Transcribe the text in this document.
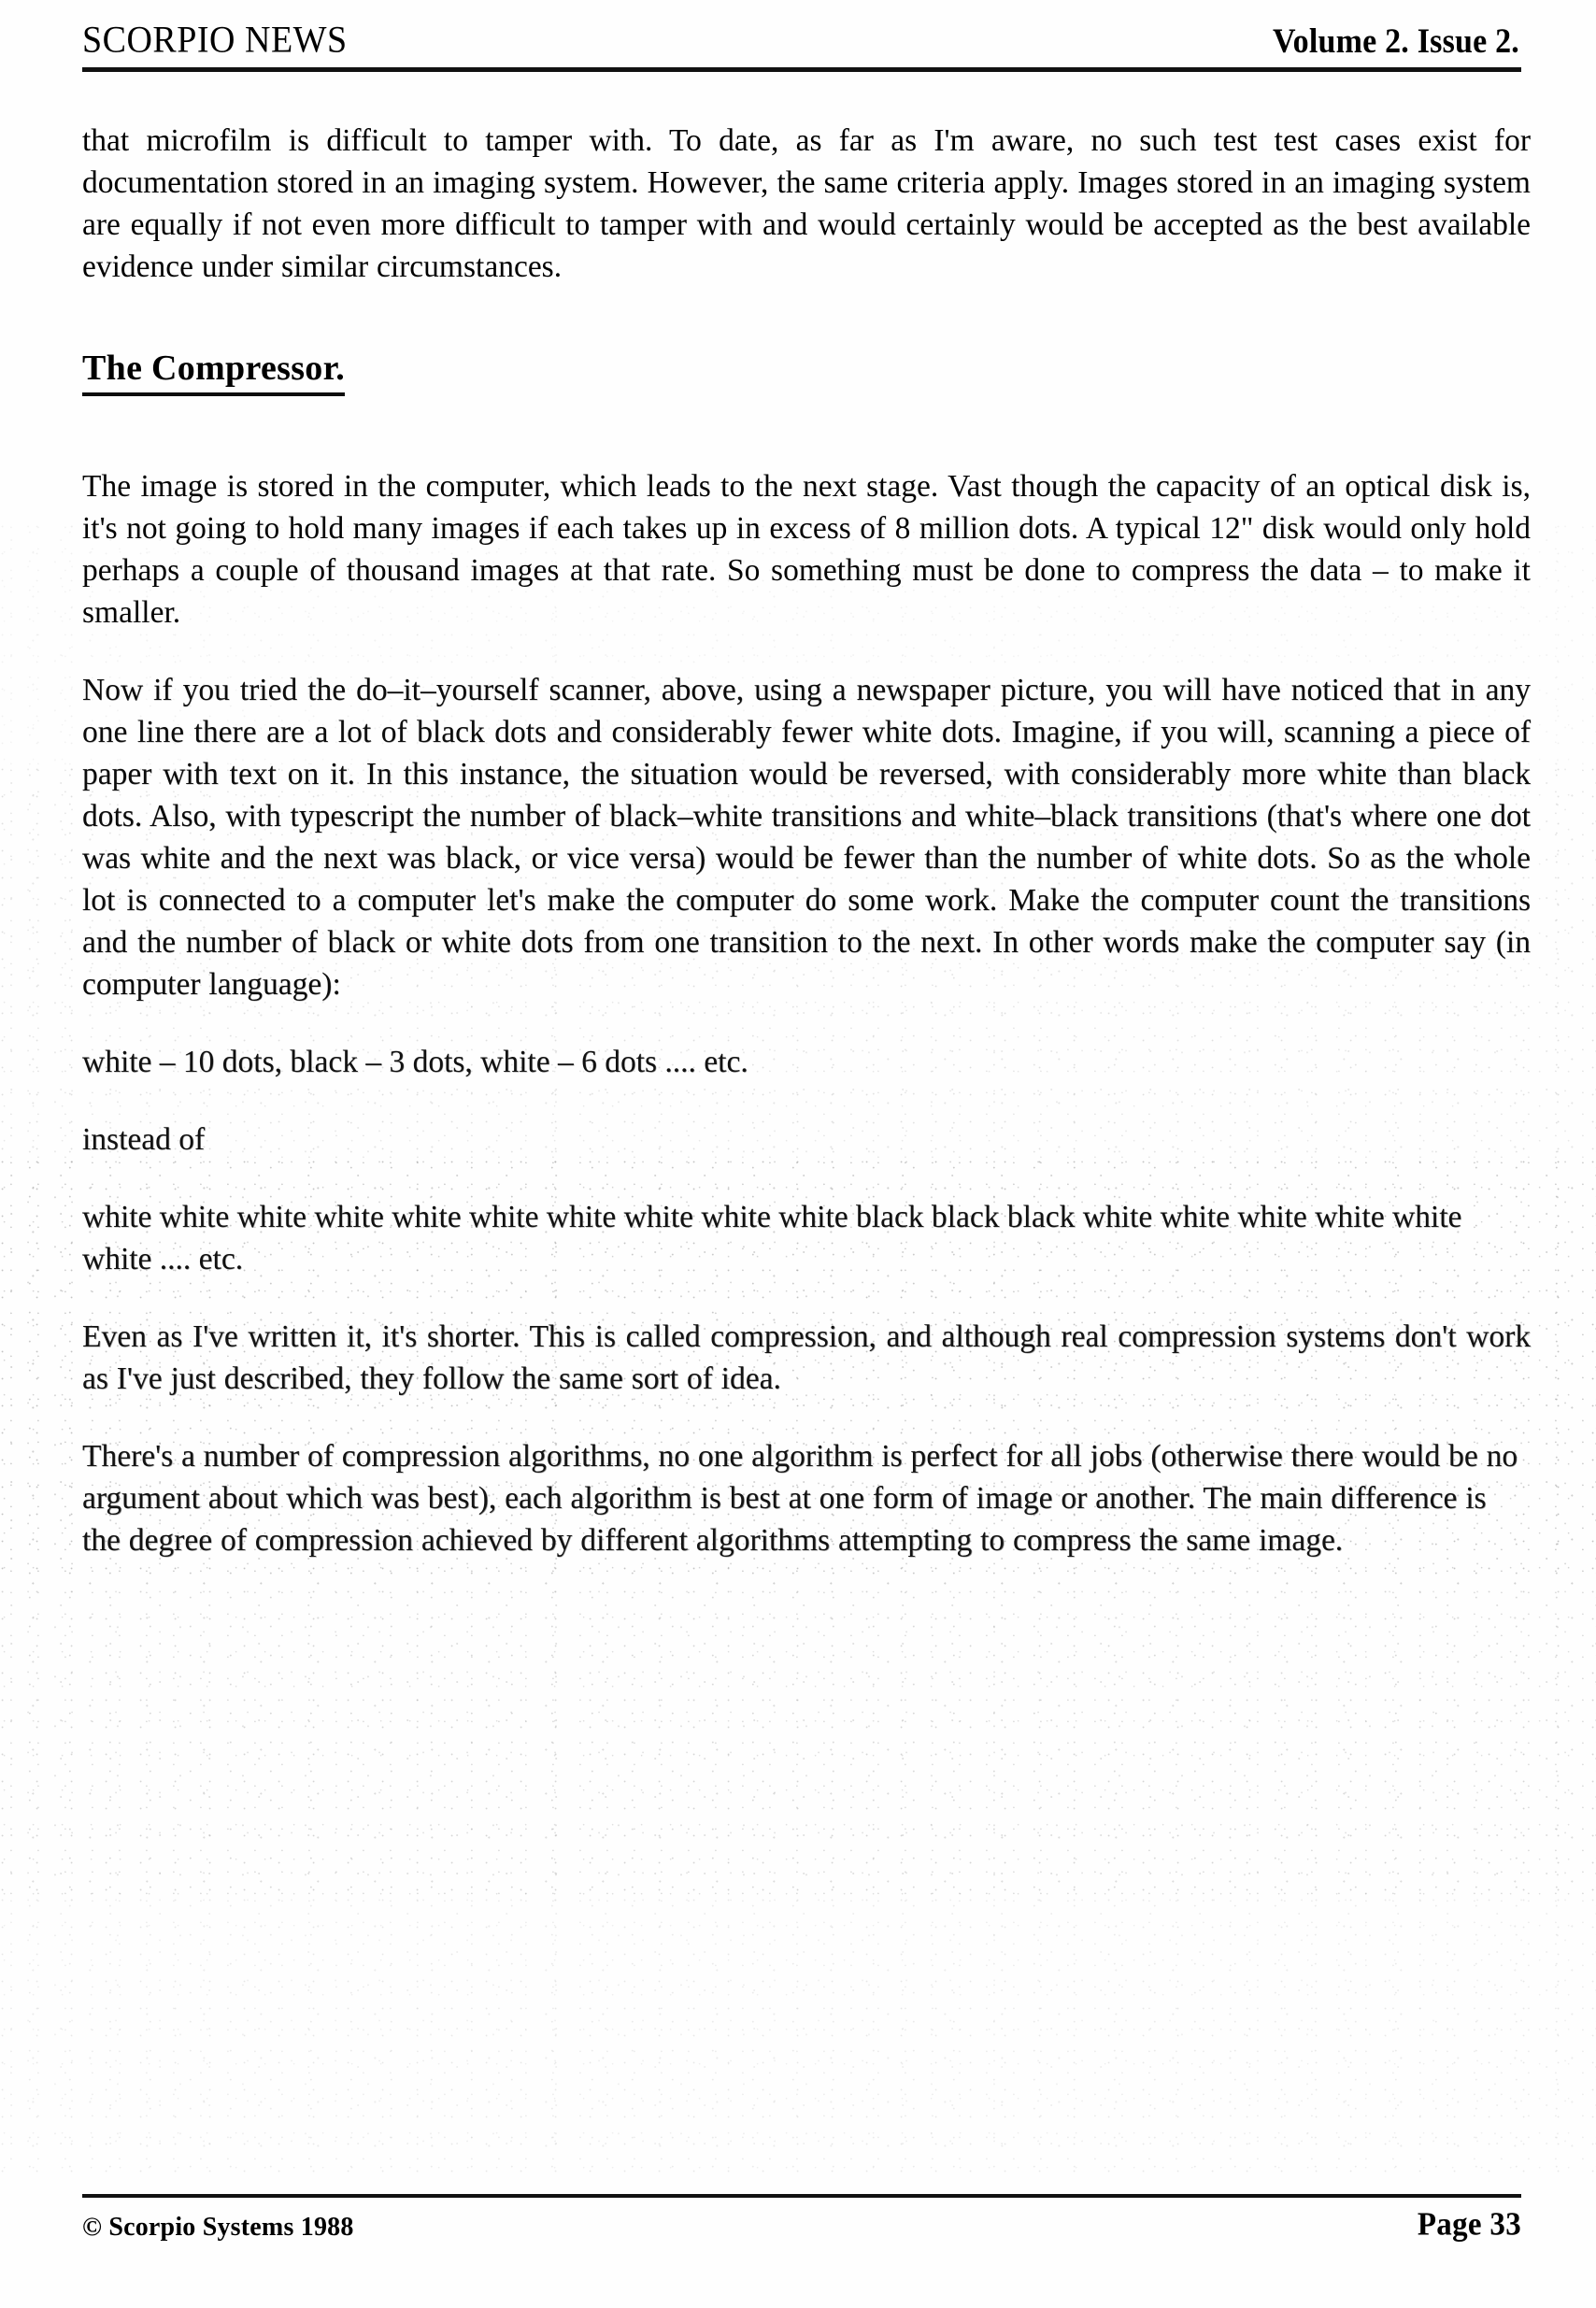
SCORPIO NEWS	Volume 2. Issue 2.

that microfilm is difficult to tamper with. To date, as far as I'm aware, no such test test cases exist for documentation stored in an imaging system. However, the same criteria apply. Images stored in an imaging system are equally if not even more difficult to tamper with and would certainly would be accepted as the best available evidence under similar circumstances.

The Compressor.

The image is stored in the computer, which leads to the next stage. Vast though the capacity of an optical disk is, it's not going to hold many images if each takes up in excess of 8 million dots. A typical 12" disk would only hold perhaps a couple of thousand images at that rate. So something must be done to compress the data – to make it smaller.

Now if you tried the do–it–yourself scanner, above, using a newspaper picture, you will have noticed that in any one line there are a lot of black dots and considerably fewer white dots. Imagine, if you will, scanning a piece of paper with text on it. In this instance, the situation would be reversed, with considerably more white than black dots. Also, with typescript the number of black–white transitions and white–black transitions (that's where one dot was white and the next was black, or vice versa) would be fewer than the number of white dots. So as the whole lot is connected to a computer let's make the computer do some work. Make the computer count the transitions and the number of black or white dots from one transition to the next. In other words make the computer say (in computer language):

white – 10 dots, black – 3 dots, white – 6 dots .... etc.

instead of

white white white white white white white white white white black black black white white white white white white .... etc.

Even as I've written it, it's shorter. This is called compression, and although real compression systems don't work as I've just described, they follow the same sort of idea.

There's a number of compression algorithms, no one algorithm is perfect for all jobs (otherwise there would be no argument about which was best), each algorithm is best at one form of image or another. The main difference is the degree of compression achieved by different algorithms attempting to compress the same image.

© Scorpio Systems 1988	Page 33
